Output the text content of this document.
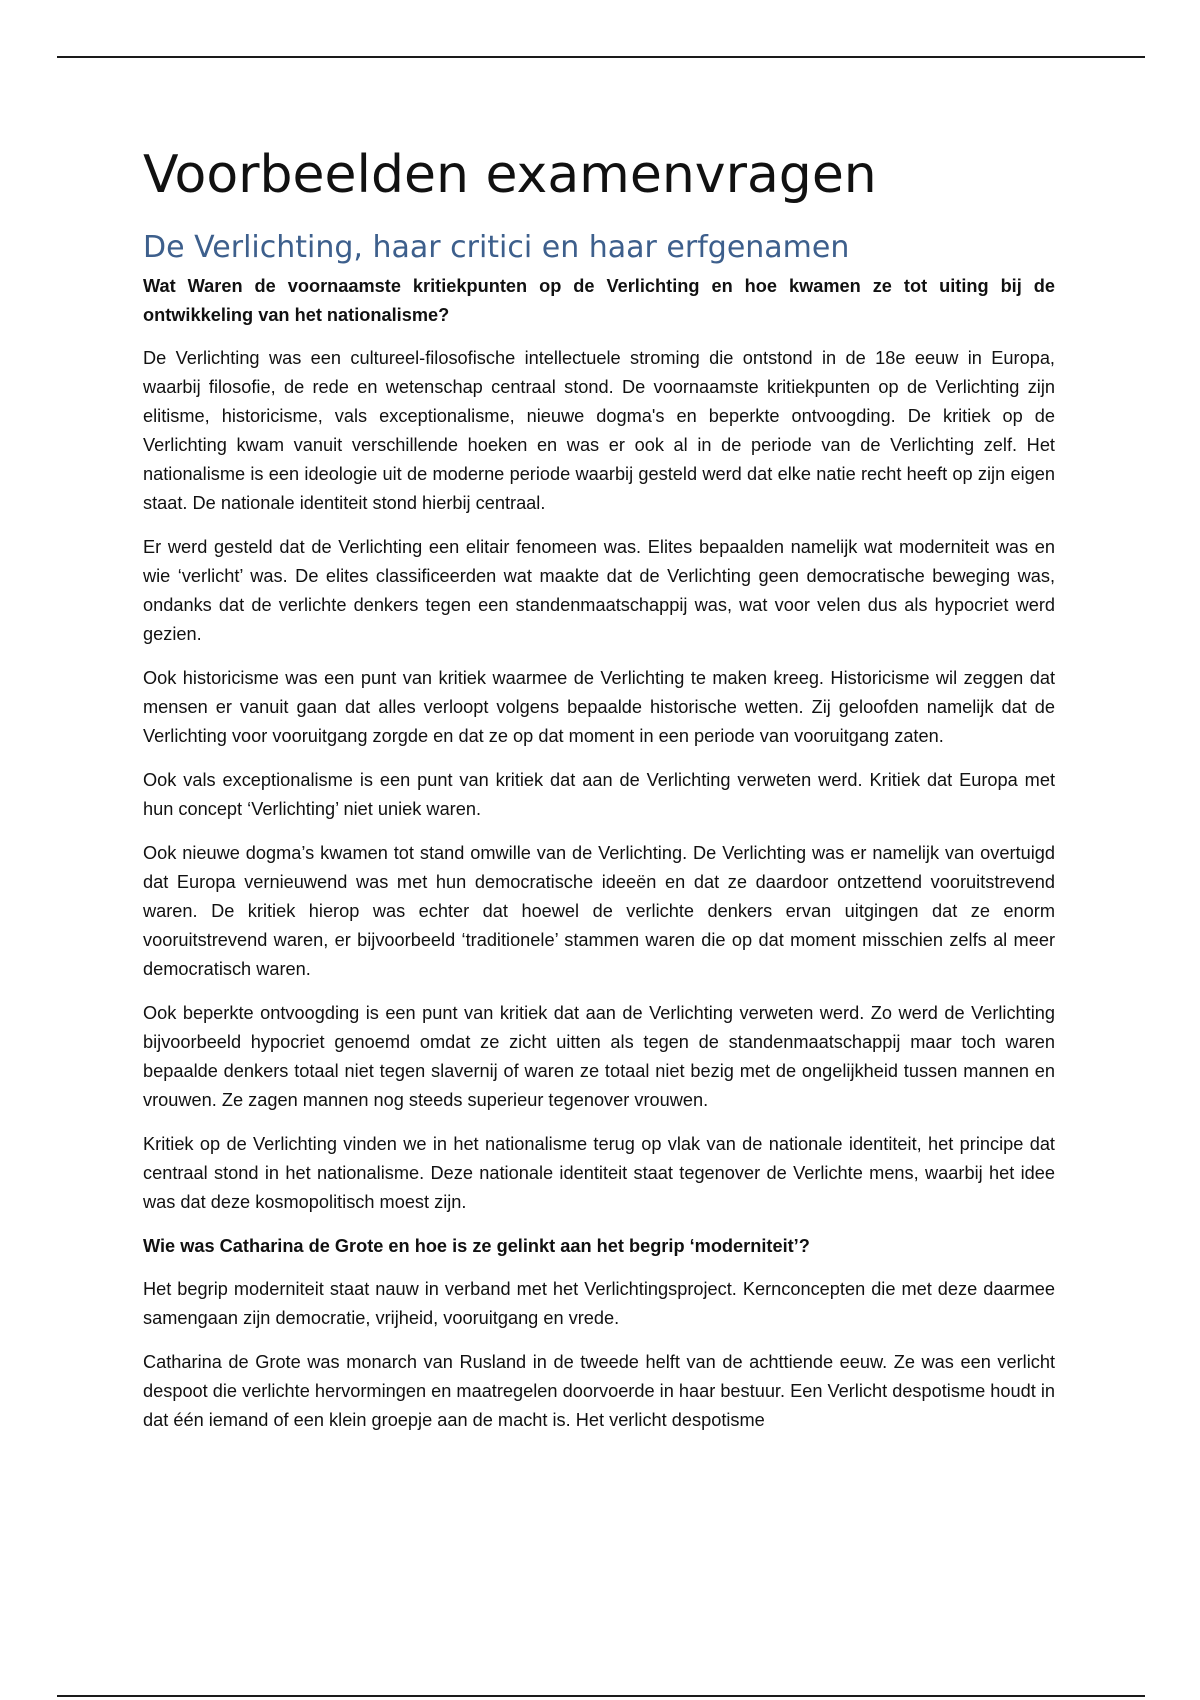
Voorbeelden examenvragen
De Verlichting, haar critici en haar erfgenamen

Wat Waren de voornaamste kritiekpunten op de Verlichting en hoe kwamen ze tot uiting bij de ontwikkeling van het nationalisme?

De Verlichting was een cultureel-filosofische intellectuele stroming die ontstond in de 18e eeuw in Europa, waarbij filosofie, de rede en wetenschap centraal stond. De voornaamste kritiekpunten op de Verlichting zijn elitisme, historicisme, vals exceptionalisme, nieuwe dogma's en beperkte ontvoogding. De kritiek op de Verlichting kwam vanuit verschillende hoeken en was er ook al in de periode van de Verlichting zelf. Het nationalisme is een ideologie uit de moderne periode waarbij gesteld werd dat elke natie recht heeft op zijn eigen staat. De nationale identiteit stond hierbij centraal.

Er werd gesteld dat de Verlichting een elitair fenomeen was. Elites bepaalden namelijk wat moderniteit was en wie ‘verlicht’ was. De elites classificeerden wat maakte dat de Verlichting geen democratische beweging was, ondanks dat de verlichte denkers tegen een standenmaatschappij was, wat voor velen dus als hypocriet werd gezien.

Ook historicisme was een punt van kritiek waarmee de Verlichting te maken kreeg. Historicisme wil zeggen dat mensen er vanuit gaan dat alles verloopt volgens bepaalde historische wetten. Zij geloofden namelijk dat de Verlichting voor vooruitgang zorgde en dat ze op dat moment in een periode van vooruitgang zaten.

Ook vals exceptionalisme is een punt van kritiek dat aan de Verlichting verweten werd. Kritiek dat Europa met hun concept ‘Verlichting’ niet uniek waren.

Ook nieuwe dogma’s kwamen tot stand omwille van de Verlichting. De Verlichting was er namelijk van overtuigd dat Europa vernieuwend was met hun democratische ideeën en dat ze daardoor ontzettend vooruitstrevend waren. De kritiek hierop was echter dat hoewel de verlichte denkers ervan uitgingen dat ze enorm vooruitstrevend waren, er bijvoorbeeld ‘traditionele’ stammen waren die op dat moment misschien zelfs al meer democratisch waren.

Ook beperkte ontvoogding is een punt van kritiek dat aan de Verlichting verweten werd. Zo werd de Verlichting bijvoorbeeld hypocriet genoemd omdat ze zicht uitten als tegen de standenmaatschappij maar toch waren bepaalde denkers totaal niet tegen slavernij of waren ze totaal niet bezig met de ongelijkheid tussen mannen en vrouwen. Ze zagen mannen nog steeds superieur tegenover vrouwen.

Kritiek op de Verlichting vinden we in het nationalisme terug op vlak van de nationale identiteit, het principe dat centraal stond in het nationalisme. Deze nationale identiteit staat tegenover de Verlichte mens, waarbij het idee was dat deze kosmopolitisch moest zijn.

Wie was Catharina de Grote en hoe is ze gelinkt aan het begrip ‘moderniteit’?

Het begrip moderniteit staat nauw in verband met het Verlichtingsproject. Kernconcepten die met deze daarmee samengaan zijn democratie, vrijheid, vooruitgang en vrede.

Catharina de Grote was monarch van Rusland in de tweede helft van de achttiende eeuw. Ze was een verlicht despoot die verlichte hervormingen en maatregelen doorvoerde in haar bestuur. Een Verlicht despotisme houdt in dat één iemand of een klein groepje aan de macht is. Het verlicht despotisme
